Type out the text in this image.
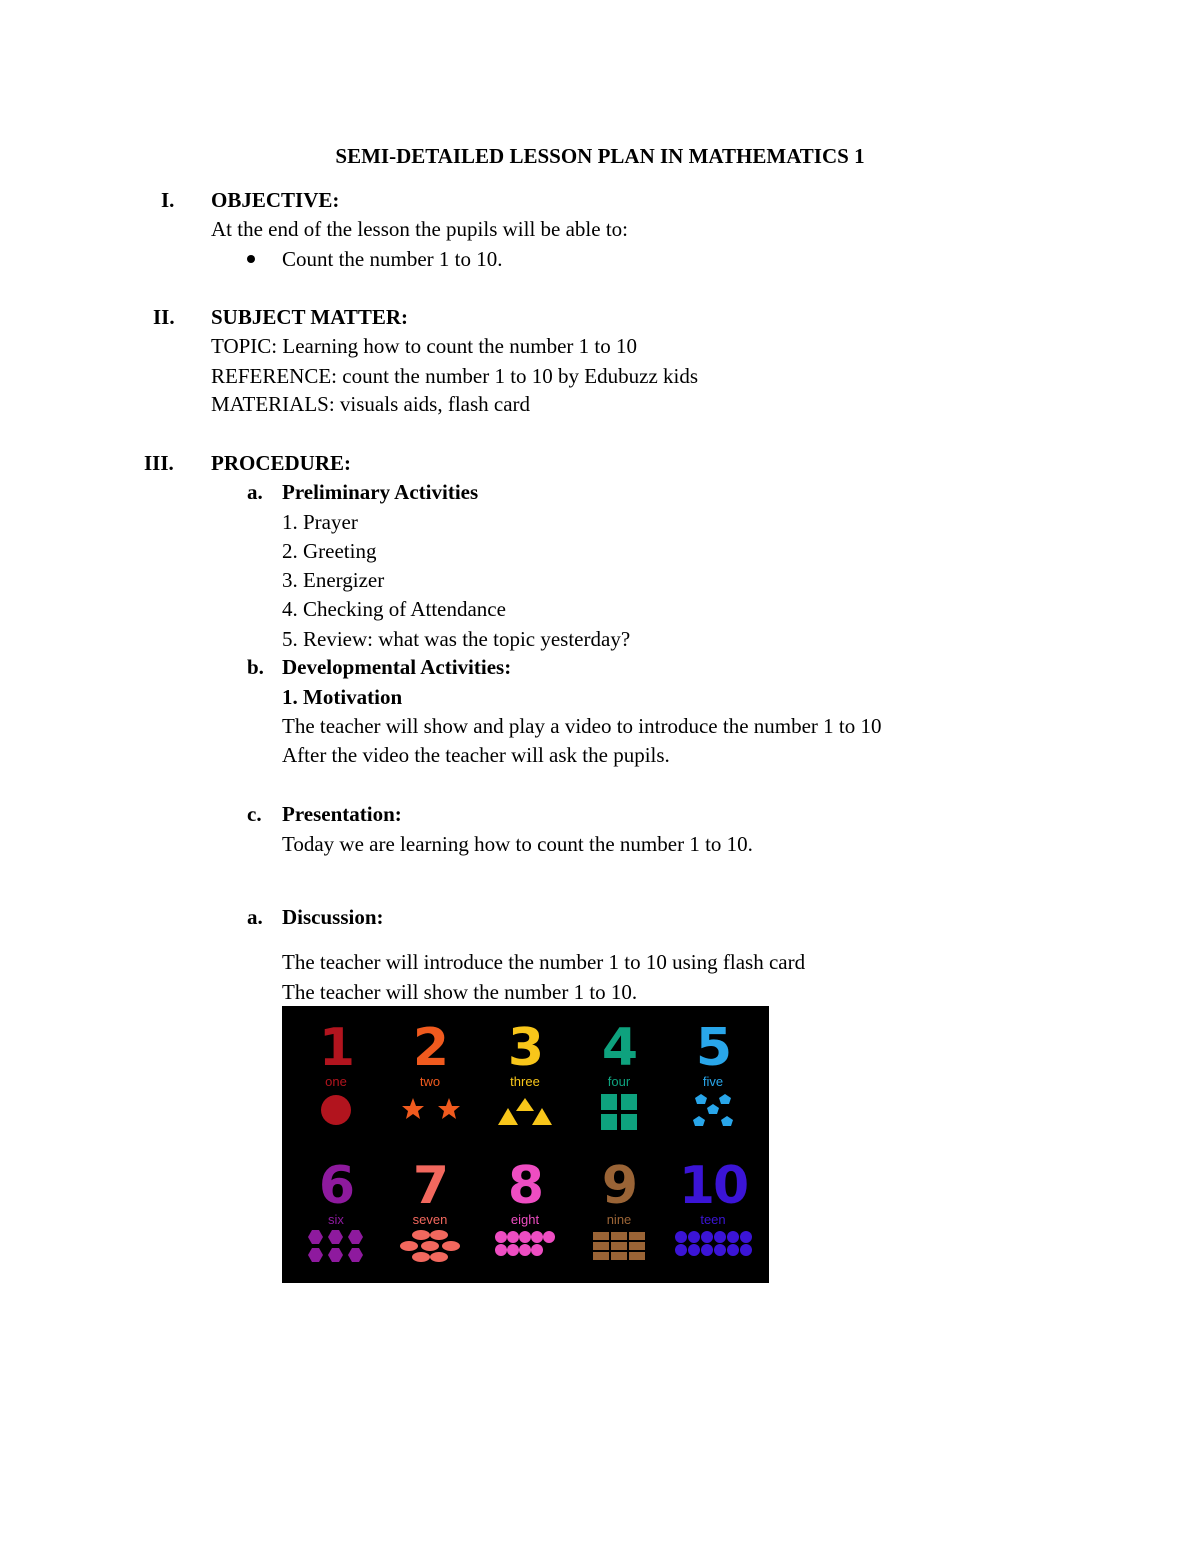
SEMI-DETAILED LESSON PLAN IN MATHEMATICS 1
I. OBJECTIVE:
At the end of the lesson the pupils will be able to:
Count the number 1 to 10.
II. SUBJECT MATTER:
TOPIC: Learning how to count the number 1 to 10
REFERENCE: count the number 1 to 10 by Edubuzz kids
MATERIALS: visuals aids, flash card
III. PROCEDURE:
a. Preliminary Activities
1. Prayer
2. Greeting
3. Energizer
4. Checking of Attendance
5. Review: what was the topic yesterday?
b. Developmental Activities:
1. Motivation
The teacher will show and play a video to introduce the number 1 to 10
After the video the teacher will ask the pupils.
c. Presentation:
Today we are learning how to count the number 1 to 10.
a. Discussion:
The teacher will introduce the number 1 to 10 using flash card
The teacher will show the number 1 to 10.
1
one
2
two
3
three
4
four
5
five
6
six
7
seven
8
eight
9
nine
10
teen
